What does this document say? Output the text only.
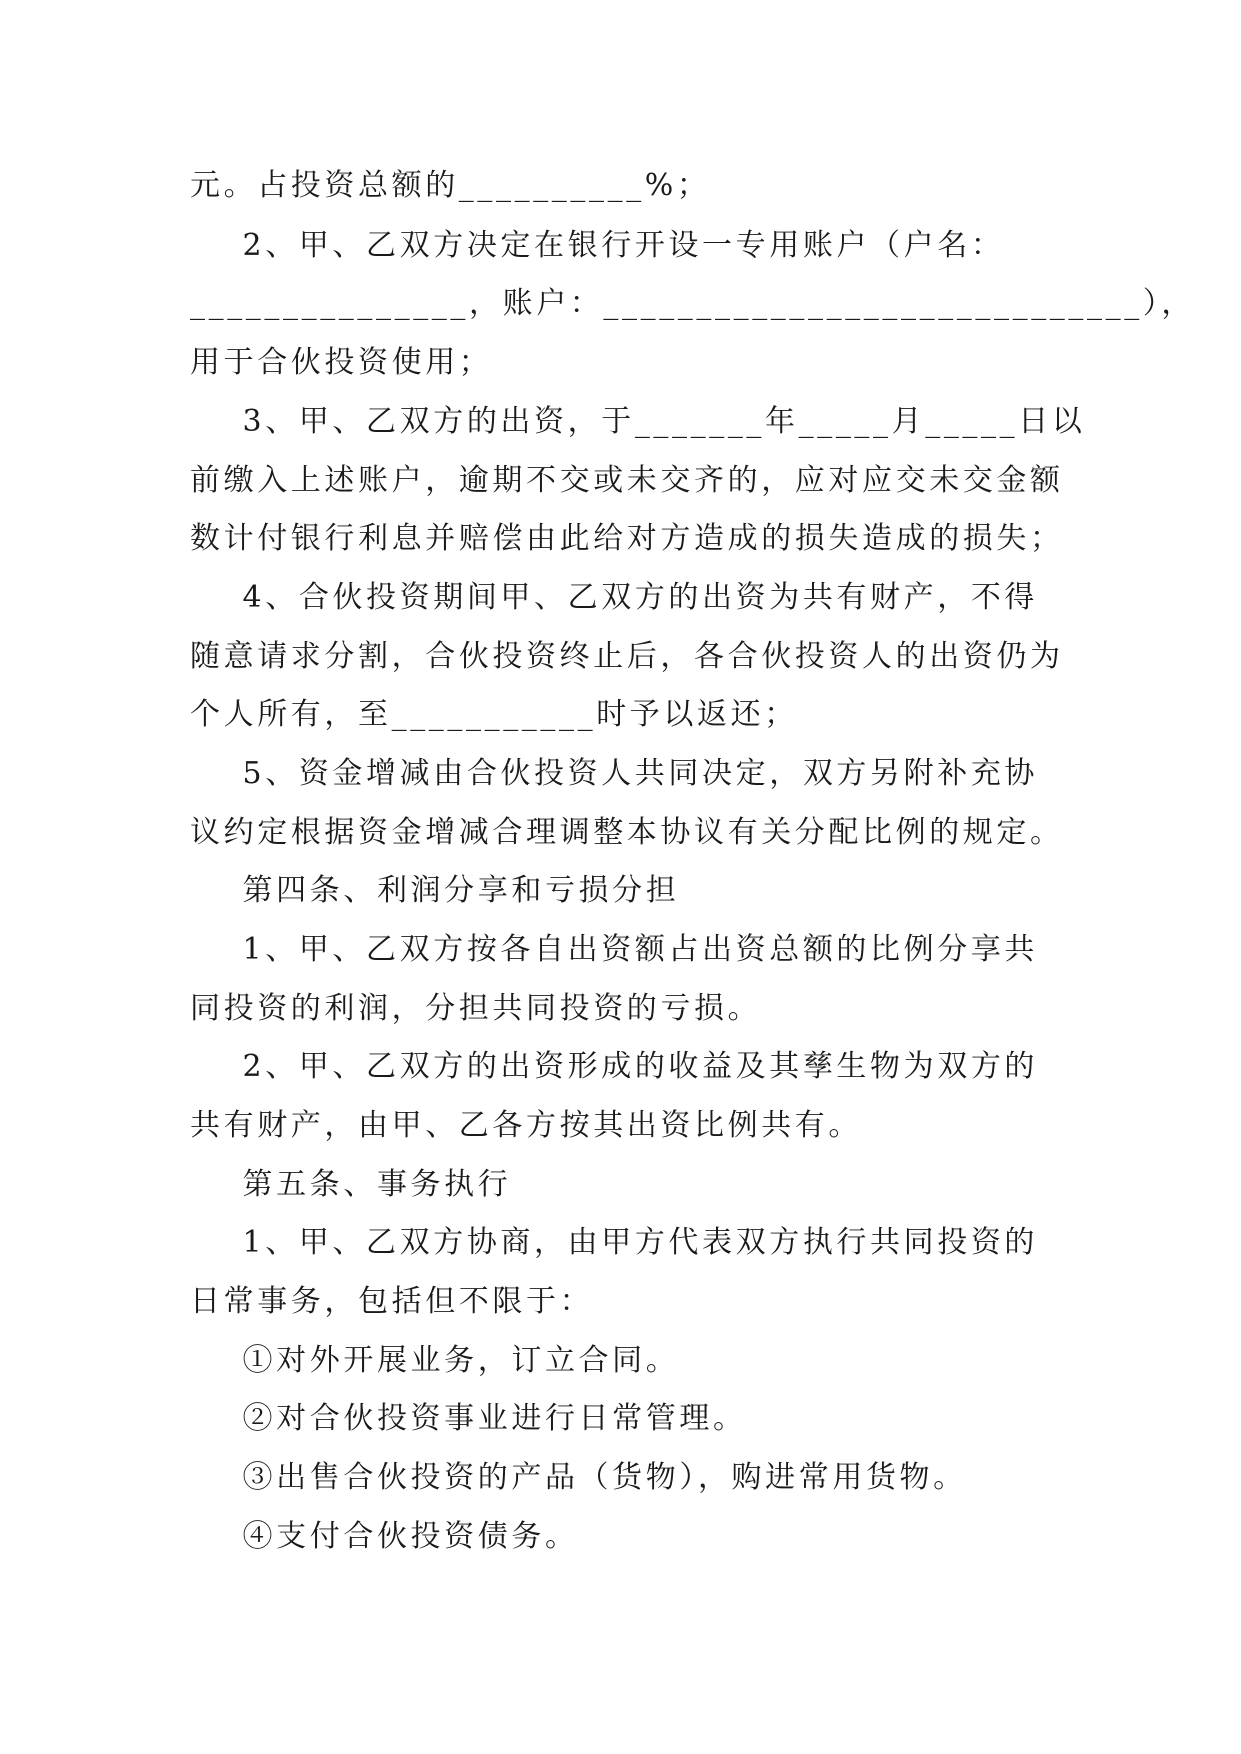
元。占投资总额的__________%；
2、甲、乙双方决定在银行开设一专用账户（户名：
_______________，账户：_____________________________），
用于合伙投资使用；
3、甲、乙双方的出资，于_______年_____月_____日以
前缴入上述账户，逾期不交或未交齐的，应对应交未交金额
数计付银行利息并赔偿由此给对方造成的损失造成的损失；
4、合伙投资期间甲、乙双方的出资为共有财产，不得
随意请求分割，合伙投资终止后，各合伙投资人的出资仍为
个人所有，至___________时予以返还；
5、资金增减由合伙投资人共同决定，双方另附补充协
议约定根据资金增减合理调整本协议有关分配比例的规定。
第四条、利润分享和亏损分担
1、甲、乙双方按各自出资额占出资总额的比例分享共
同投资的利润，分担共同投资的亏损。
2、甲、乙双方的出资形成的收益及其孳生物为双方的
共有财产，由甲、乙各方按其出资比例共有。
第五条、事务执行
1、甲、乙双方协商，由甲方代表双方执行共同投资的
日常事务，包括但不限于：
①对外开展业务，订立合同。
②对合伙投资事业进行日常管理。
③出售合伙投资的产品（货物），购进常用货物。
④支付合伙投资债务。
